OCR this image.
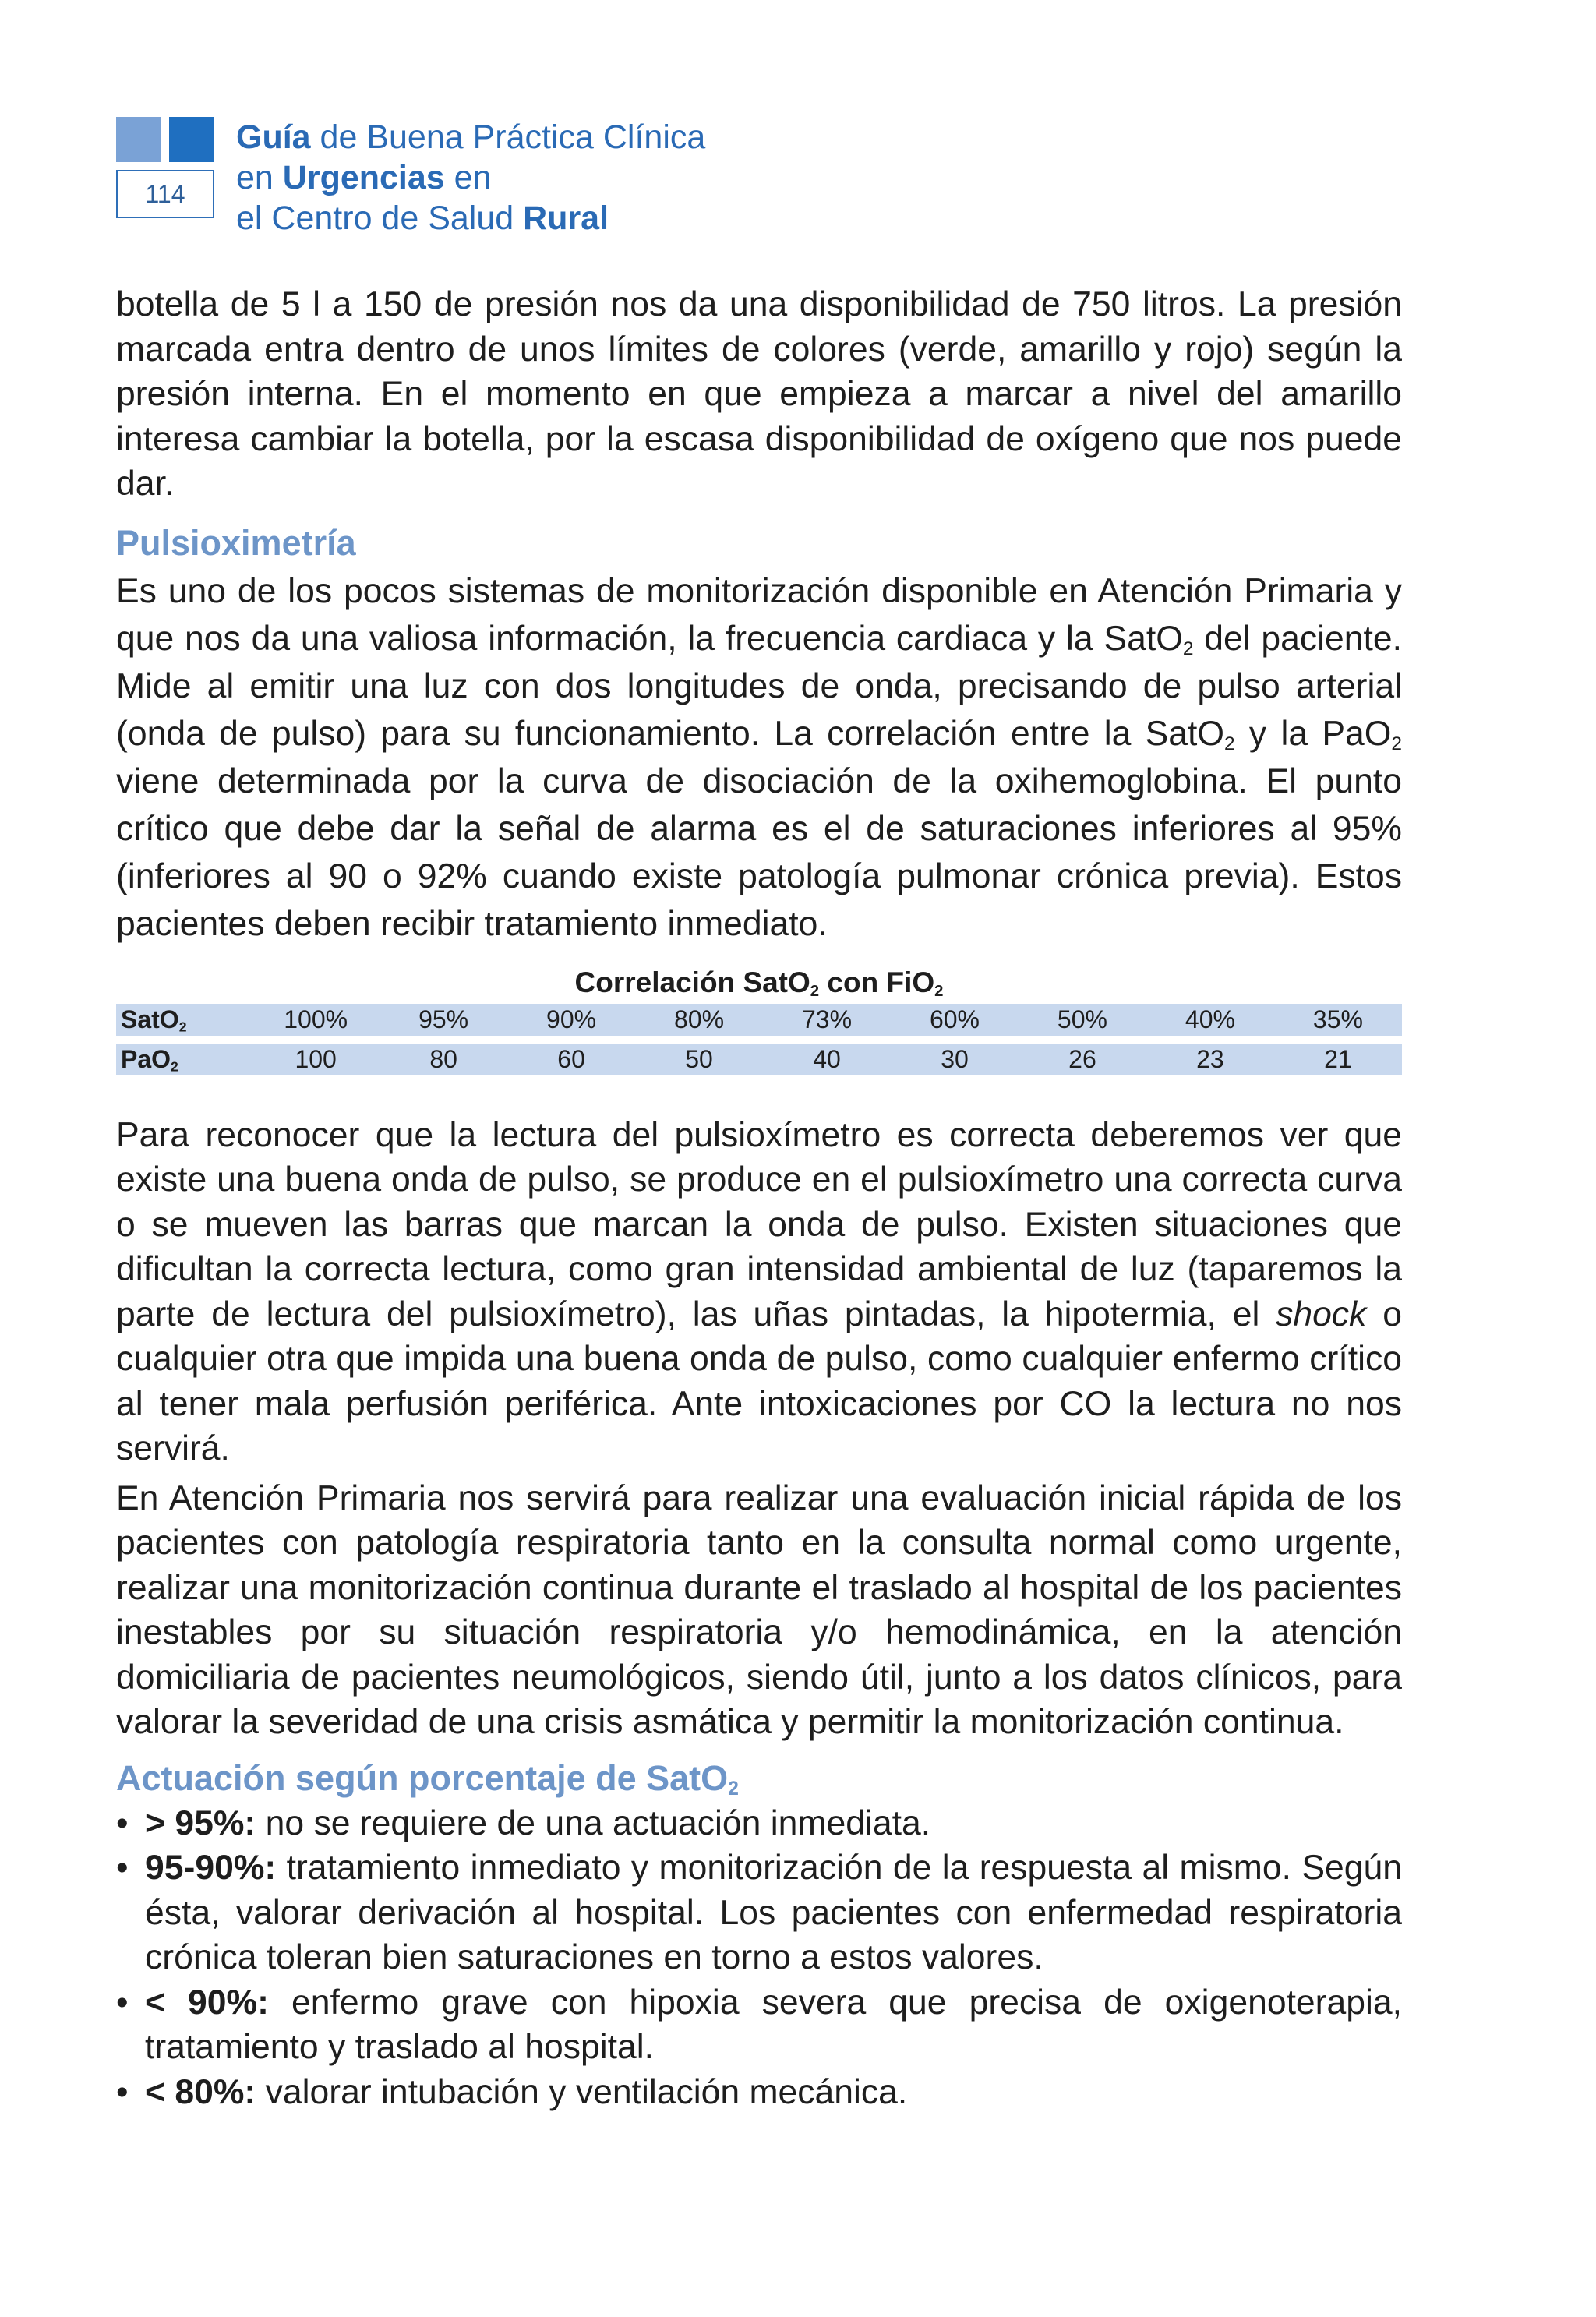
114
Guía de Buena Práctica Clínica
en Urgencias en
el Centro de Salud Rural

botella de 5 l a 150 de presión nos da una disponibilidad de 750 litros. La presión marcada entra dentro de unos límites de colores (verde, amarillo y rojo) según la presión interna. En el momento en que empieza a marcar a nivel del amarillo interesa cambiar la botella, por la escasa disponibilidad de oxígeno que nos puede dar.

Pulsioximetría

Es uno de los pocos sistemas de monitorización disponible en Atención Primaria y que nos da una valiosa información, la frecuencia cardiaca y la SatO$_2$ del paciente. Mide al emitir una luz con dos longitudes de onda, precisando de pulso arterial (onda de pulso) para su funcionamiento. La correlación entre la SatO$_2$ y la PaO$_2$ viene determinada por la curva de disociación de la oxihemoglobina. El punto crítico que debe dar la señal de alarma es el de saturaciones inferiores al 95% (inferiores al 90 o 92% cuando existe patología pulmonar crónica previa). Estos pacientes deben recibir tratamiento inmediato.

Correlación SatO$_2$ con FiO$_2$
SatO$_2$	100%	95%	90%	80%	73%	60%	50%	40%	35%
PaO$_2$	100	80	60	50	40	30	26	23	21

Para reconocer que la lectura del pulsioxímetro es correcta deberemos ver que existe una buena onda de pulso, se produce en el pulsioxímetro una correcta curva o se mueven las barras que marcan la onda de pulso. Existen situaciones que dificultan la correcta lectura, como gran intensidad ambiental de luz (taparemos la parte de lectura del pulsioxímetro), las uñas pintadas, la hipotermia, el shock o cualquier otra que impida una buena onda de pulso, como cualquier enfermo crítico al tener mala perfusión periférica. Ante intoxicaciones por CO la lectura no nos servirá.

En Atención Primaria nos servirá para realizar una evaluación inicial rápida de los pacientes con patología respiratoria tanto en la consulta normal como urgente, realizar una monitorización continua durante el traslado al hospital de los pacientes inestables por su situación respiratoria y/o hemodinámica, en la atención domiciliaria de pacientes neumológicos, siendo útil, junto a los datos clínicos, para valorar la severidad de una crisis asmática y permitir la monitorización continua.

Actuación según porcentaje de SatO$_2$
• > 95%: no se requiere de una actuación inmediata.
• 95-90%: tratamiento inmediato y monitorización de la respuesta al mismo. Según ésta, valorar derivación al hospital. Los pacientes con enfermedad respiratoria crónica toleran bien saturaciones en torno a estos valores.
• < 90%: enfermo grave con hipoxia severa que precisa de oxigenoterapia, tratamiento y traslado al hospital.
• < 80%: valorar intubación y ventilación mecánica.
